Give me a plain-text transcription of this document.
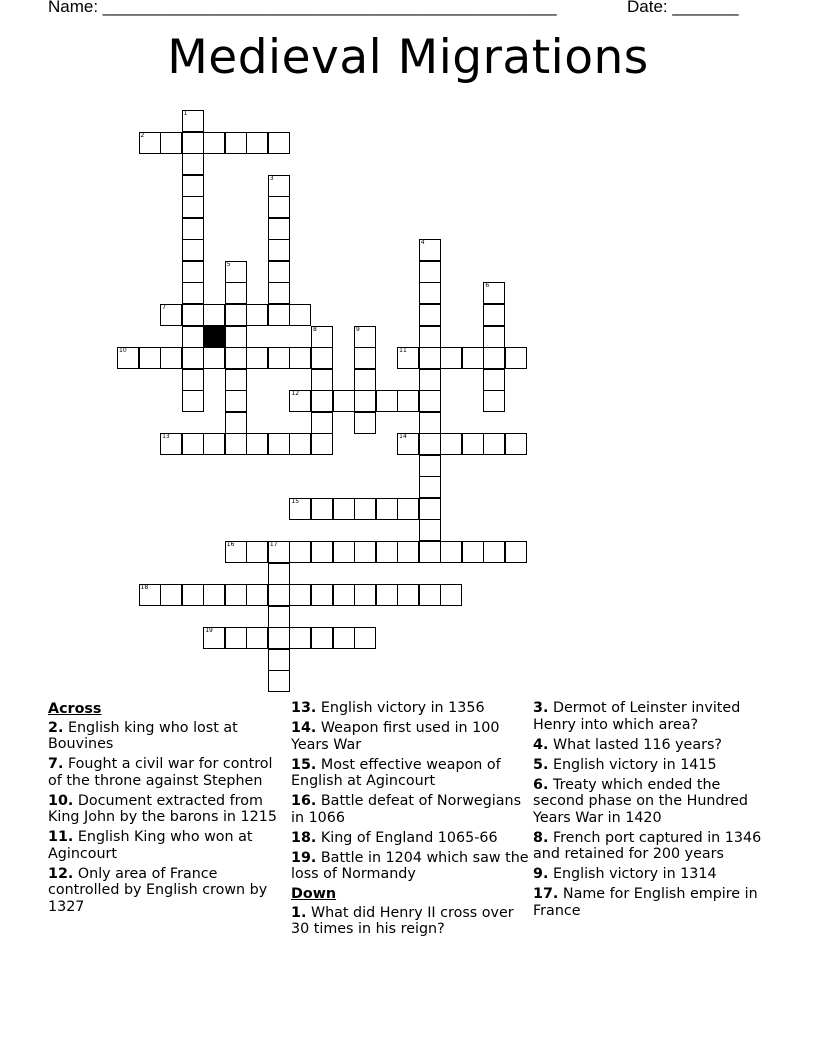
Name: ________________________________________________	Date: _______
Medieval Migrations
1
2
3
4
5
6
7
8	9
10	11
12
13	14
15
16	17
18
19
Across
2. English king who lost at Bouvines
7. Fought a civil war for control of the throne against Stephen
10. Document extracted from King John by the barons in 1215
11. English King who won at Agincourt
12. Only area of France controlled by English crown by 1327
13. English victory in 1356
14. Weapon first used in 100 Years War
15. Most effective weapon of English at Agincourt
16. Battle defeat of Norwegians in 1066
18. King of England 1065-66
19. Battle in 1204 which saw the loss of Normandy
Down
1. What did Henry II cross over 30 times in his reign?
3. Dermot of Leinster invited Henry into which area?
4. What lasted 116 years?
5. English victory in 1415
6. Treaty which ended the second phase on the Hundred Years War in 1420
8. French port captured in 1346 and retained for 200 years
9. English victory in 1314
17. Name for English empire in France
